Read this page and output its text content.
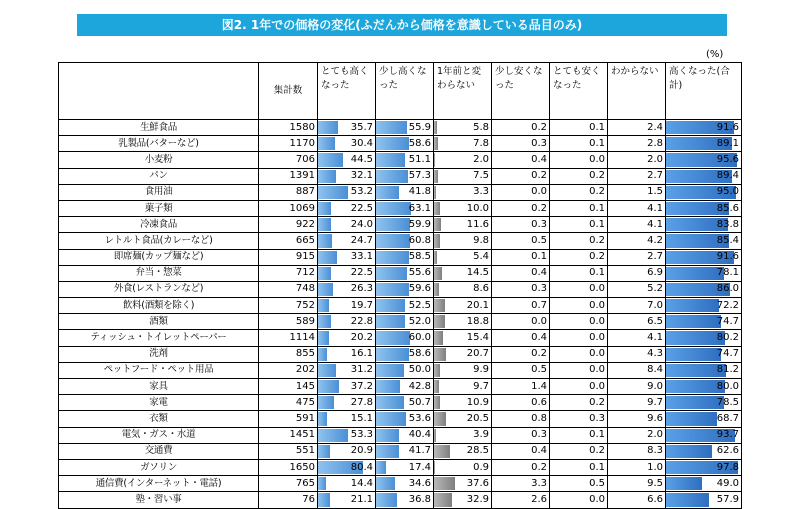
図2. 1年での価格の変化(ふだんから価格を意識している品目のみ)
(%)
	集計数	とても高くなった	少し高くなった	1年前と変わらない	少し安くなった	とても安くなった	わからない	高くなった(合計)
生鮮食品	1580	35.7	55.9	5.8	0.2	0.1	2.4	91.6
乳製品(バターなど)	1170	30.4	58.6	7.8	0.3	0.1	2.8	89.1
小麦粉	706	44.5	51.1	2.0	0.4	0.0	2.0	95.6
パン	1391	32.1	57.3	7.5	0.2	0.2	2.7	89.4
食用油	887	53.2	41.8	3.3	0.0	0.2	1.5	95.0
菓子類	1069	22.5	63.1	10.0	0.2	0.1	4.1	85.6
冷凍食品	922	24.0	59.9	11.6	0.3	0.1	4.1	83.8
レトルト食品(カレーなど)	665	24.7	60.8	9.8	0.5	0.2	4.2	85.4
即席麺(カップ麺など)	915	33.1	58.5	5.4	0.1	0.2	2.7	91.6
弁当・惣菜	712	22.5	55.6	14.5	0.4	0.1	6.9	78.1
外食(レストランなど)	748	26.3	59.6	8.6	0.3	0.0	5.2	86.0
飲料(酒類を除く)	752	19.7	52.5	20.1	0.7	0.0	7.0	72.2
酒類	589	22.8	52.0	18.8	0.0	0.0	6.5	74.7
ティッシュ・トイレットペーパー	1114	20.2	60.0	15.4	0.4	0.0	4.1	80.2
洗剤	855	16.1	58.6	20.7	0.2	0.0	4.3	74.7
ペットフード・ペット用品	202	31.2	50.0	9.9	0.5	0.0	8.4	81.2
家具	145	37.2	42.8	9.7	1.4	0.0	9.0	80.0
家電	475	27.8	50.7	10.9	0.6	0.2	9.7	78.5
衣類	591	15.1	53.6	20.5	0.8	0.3	9.6	68.7
電気・ガス・水道	1451	53.3	40.4	3.9	0.3	0.1	2.0	93.7
交通費	551	20.9	41.7	28.5	0.4	0.2	8.3	62.6
ガソリン	1650	80.4	17.4	0.9	0.2	0.1	1.0	97.8
通信費(インターネット・電話)	765	14.4	34.6	37.6	3.3	0.5	9.5	49.0
塾・習い事	76	21.1	36.8	32.9	2.6	0.0	6.6	57.9
